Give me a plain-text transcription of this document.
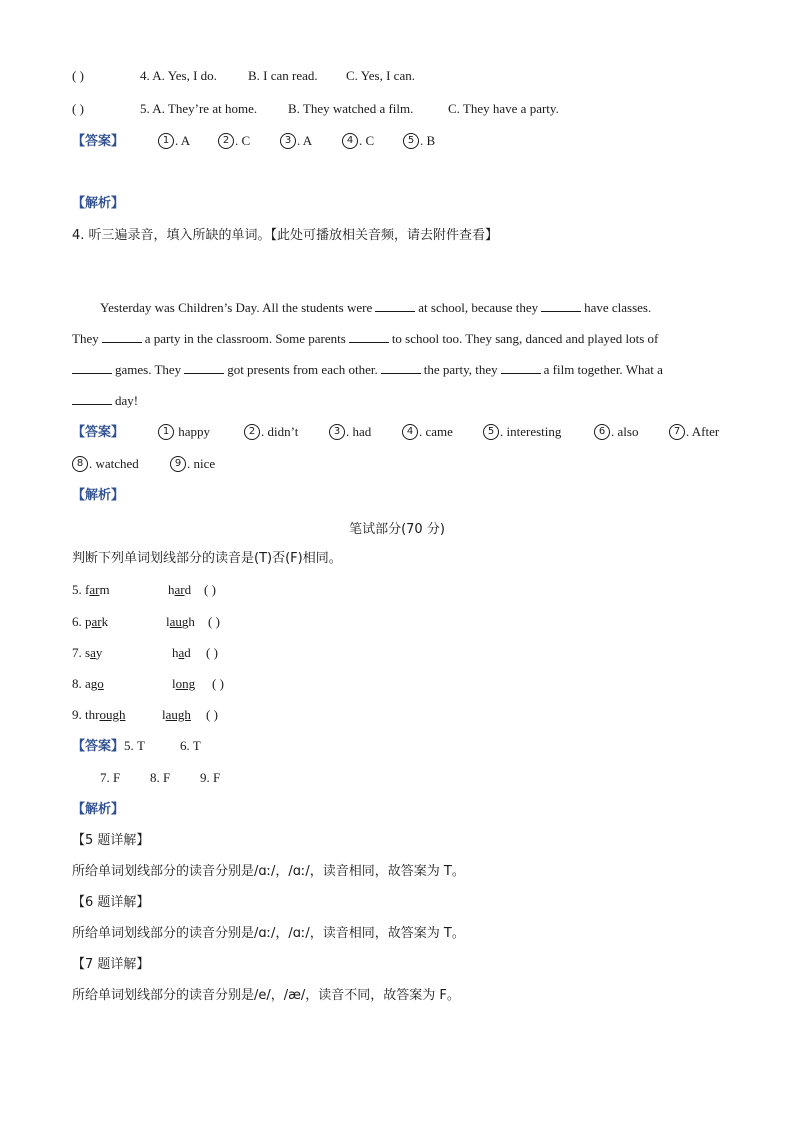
( )	4. A. Yes, I do. B. I can read. C. Yes, I can.
( )	5. A. They’re at home. B. They watched a film.	C. They have a party.
【答案】	1 . A	2 . C	3 . A	4 . C	5 . B
【解析】
4. 听三遍录音，填入所缺的单词。【此处可播放相关音频，请去附件查看】
Yesterday was Children’s Day. All the students were	at school, because they	have classes.
They	a party in the classroom. Some parents	to school too. They sang, danced and played lots of
games. They	got presents from each other.	the party, they	a film together. What a
day!
【答案】	1 happy	2 . didn’t	3 . had	4 . came	5 . interesting	6 . also	7 . After
8 . watched	9 . nice
【解析】
笔试部分(70 分)
判断下列单词划线部分的读音是(T)否(F)相同。
5. farm	hard ( )
6. park	laugh ( )
7. say	had ( )
8. ago	long ( )
9. through	laugh ( )
【答案】5. T	6. T
7. F 8. F 9. F
【解析】
【5 题详解】
所给单词划线部分的读音分别是/ɑː/，/ɑː/，读音相同，故答案为 T。
【6 题详解】
所给单词划线部分的读音分别是/ɑː/，/ɑː/，读音相同，故答案为 T。
【7 题详解】
所给单词划线部分的读音分别是/e/，/æ/，读音不同，故答案为 F。
